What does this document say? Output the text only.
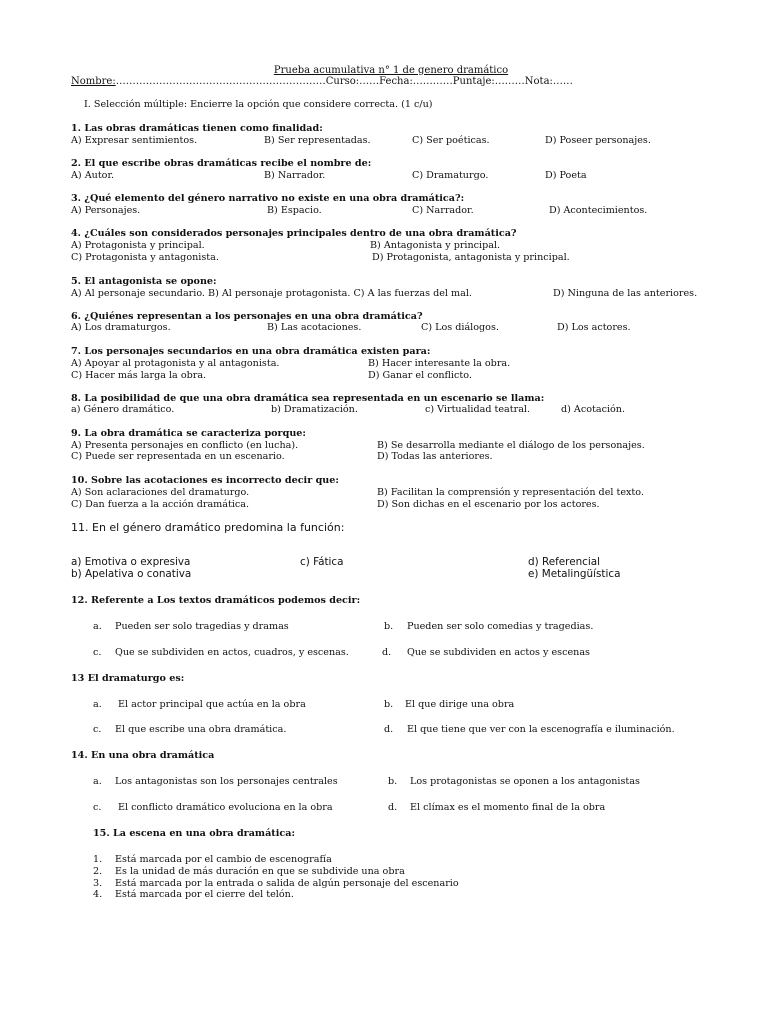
Prueba acumulativa n° 1 de genero dramático
Nombre:………………………………………………………Curso:……Fecha:…………Puntaje:………Nota:……
I. Selección múltiple: Encierre la opción que considere correcta. (1 c/u)
1. Las obras dramáticas tienen como finalidad:
A) Expresar sentimientos.	B) Ser representadas.	C) Ser poéticas.	D) Poseer personajes.
2. El que escribe obras dramáticas recibe el nombre de:
A) Autor.	B) Narrador.	C) Dramaturgo.	D) Poeta
3. ¿Qué elemento del género narrativo no existe en una obra dramática?:
A) Personajes.	B) Espacio.	C) Narrador.	D) Acontecimientos.
4. ¿Cuáles son considerados personajes principales dentro de una obra dramática?
A) Protagonista y principal.	B) Antagonista y principal.
C) Protagonista y antagonista.	D) Protagonista, antagonista y principal.
5. El antagonista se opone:
A) Al personaje secundario. B) Al personaje protagonista. C) A las fuerzas del mal.	D) Ninguna de las anteriores.
6. ¿Quiénes representan a los personajes en una obra dramática?
A) Los dramaturgos.	B) Las acotaciones.	C) Los diálogos.	D) Los actores.
7. Los personajes secundarios en una obra dramática existen para:
A) Apoyar al protagonista y al antagonista.	B) Hacer interesante la obra.
C) Hacer más larga la obra.	D) Ganar el conflicto.
8. La posibilidad de que una obra dramática sea representada en un escenario se llama:
a) Género dramático.	b) Dramatización.	c) Virtualidad teatral.	d) Acotación.
9. La obra dramática se caracteriza porque:
A) Presenta personajes en conflicto (en lucha).	B) Se desarrolla mediante el diálogo de los personajes.
C) Puede ser representada en un escenario.	D) Todas las anteriores.
10. Sobre las acotaciones es incorrecto decir que:
A) Son aclaraciones del dramaturgo.	B) Facilitan la comprensión y representación del texto.
C) Dan fuerza a la acción dramática.	D) Son dichas en el escenario por los actores.
11. En el género dramático predomina la función:
a) Emotiva o expresiva	c) Fática	d) Referencial
b) Apelativa o conativa	e) Metalingüística
12. Referente a Los textos dramáticos podemos decir:
a. Pueden ser solo tragedias y dramas	b. Pueden ser solo comedias y tragedias.
c. Que se subdividen en actos, cuadros, y escenas.	d. Que se subdividen en actos y escenas
13 El dramaturgo es:
a. El actor principal que actúa en la obra	b. El que dirige una obra
c. El que escribe una obra dramática.	d. El que tiene que ver con la escenografía e iluminación.
14. En una obra dramática
a. Los antagonistas son los personajes centrales	b. Los protagonistas se oponen a los antagonistas
c. El conflicto dramático evoluciona en la obra	d. El clímax es el momento final de la obra
15. La escena en una obra dramática:
1. Está marcada por el cambio de escenografía
2. Es la unidad de más duración en que se subdivide una obra
3. Está marcada por la entrada o salida de algún personaje del escenario
4. Está marcada por el cierre del telón.
